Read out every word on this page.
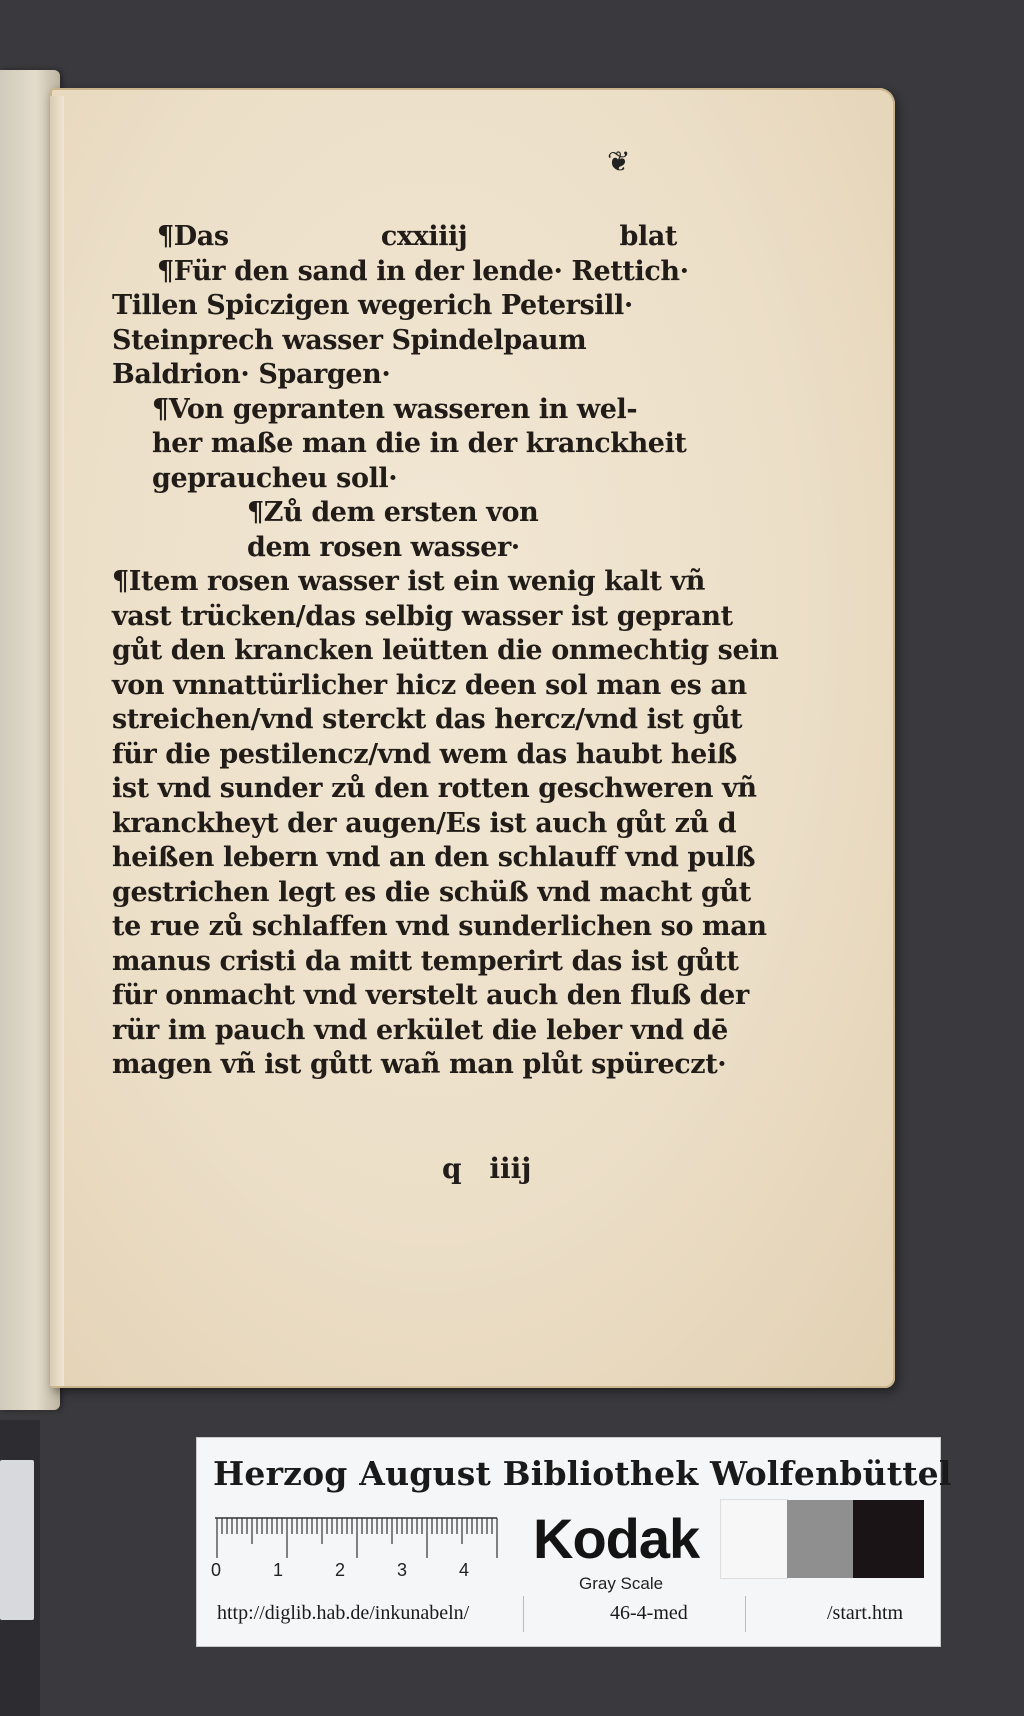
❦
¶Das	cxxiiij	blat
¶Für den sand in der lende· Rettich·
Tillen Spiczigen wegerich Petersill·
Steinprech wasser Spindelpaum
Baldrion· Spargen·
¶Von gepranten wasseren in wel-
her maße man die in der kranckheit
gepraucheu soll·
¶Zů dem ersten von
dem rosen wasser·
¶Item rosen wasser ist ein wenig kalt vñ
vast trücken/das selbig wasser ist geprant
gůt den krancken leütten die onmechtig sein
von vnnattürlicher hicz deen sol man es an
streichen/vnd sterckt das hercz/vnd ist gůt
für die pestilencz/vnd wem das haubt heiß
ist vnd sunder zů den rotten geschweren vñ
kranckheyt der augen/Es ist auch gůt zů d
heißen lebern vnd an den schlauff vnd pulß
gestrichen legt es die schüß vnd macht gůt
te rue zů schlaffen vnd sunderlichen so man
manus cristi da mitt temperirt das ist gůtt
für onmacht vnd verstelt auch den fluß der
rür im pauch vnd erkület die leber vnd dē
magen vñ ist gůtt wañ man plůt spüreczt·
q iiij
Herzog August Bibliothek Wolfenbüttel
0	1	2	3	4 Kodak
Gray Scale
http://diglib.hab.de/inkunabeln/	46-4-med	/start.htm
